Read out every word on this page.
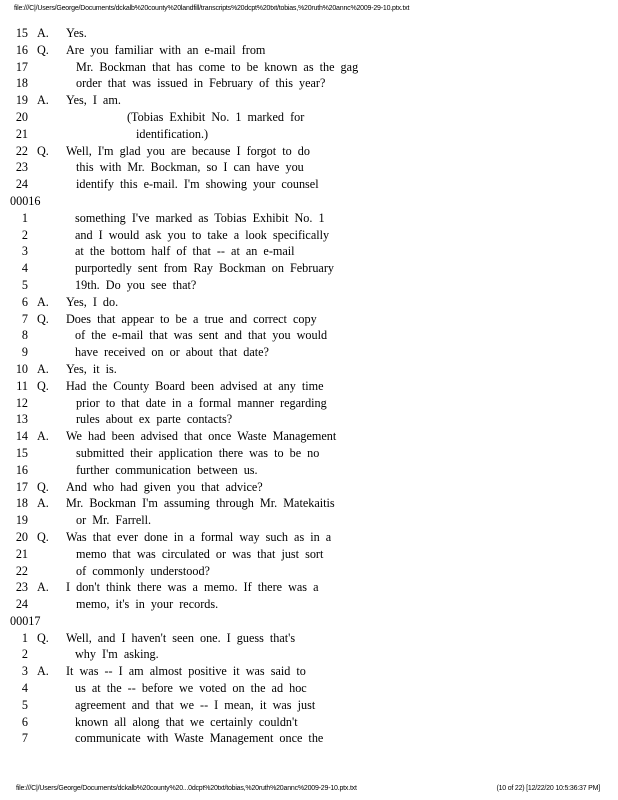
file:///C|/Users/George/Documents/dckalb%20county%20landfill/transcripts%20dcpt%20txt/tobias,%20ruth%20annc%2009-29-10.ptx.txt
15 A. Yes.
16 Q. Are you familiar with an e-mail from
17	Mr. Bockman that has come to be known as the gag
18	order that was issued in February of this year?
19 A. Yes, I am.
20	(Tobias Exhibit No. 1 marked for
21	identification.)
22 Q. Well, I'm glad you are because I forgot to do
23	this with Mr. Bockman, so I can have you
24	identify this e-mail. I'm showing your counsel
00016
1	something I've marked as Tobias Exhibit No. 1
2	and I would ask you to take a look specifically
3	at the bottom half of that -- at an e-mail
4	purportedly sent from Ray Bockman on February
5	19th. Do you see that?
6 A. Yes, I do.
7 Q. Does that appear to be a true and correct copy
8	of the e-mail that was sent and that you would
9	have received on or about that date?
10 A. Yes, it is.
11 Q. Had the County Board been advised at any time
12	prior to that date in a formal manner regarding
13	rules about ex parte contacts?
14 A. We had been advised that once Waste Management
15	submitted their application there was to be no
16	further communication between us.
17 Q. And who had given you that advice?
18 A. Mr. Bockman I'm assuming through Mr. Matekaitis
19	or Mr. Farrell.
20 Q. Was that ever done in a formal way such as in a
21	memo that was circulated or was that just sort
22	of commonly understood?
23 A. I don't think there was a memo. If there was a
24	memo, it's in your records.
00017
1 Q. Well, and I haven't seen one. I guess that's
2	why I'm asking.
3 A. It was -- I am almost positive it was said to
4	us at the -- before we voted on the ad hoc
5	agreement and that we -- I mean, it was just
6	known all along that we certainly couldn't
7	communicate with Waste Management once the
file:///C|/Users/George/Documents/dckalb%20county%20...0dcpt%20txt/tobias,%20ruth%20annc%2009-29-10.ptx.txt	(10 of 22) [12/22/20 10:5:36:37 PM]
